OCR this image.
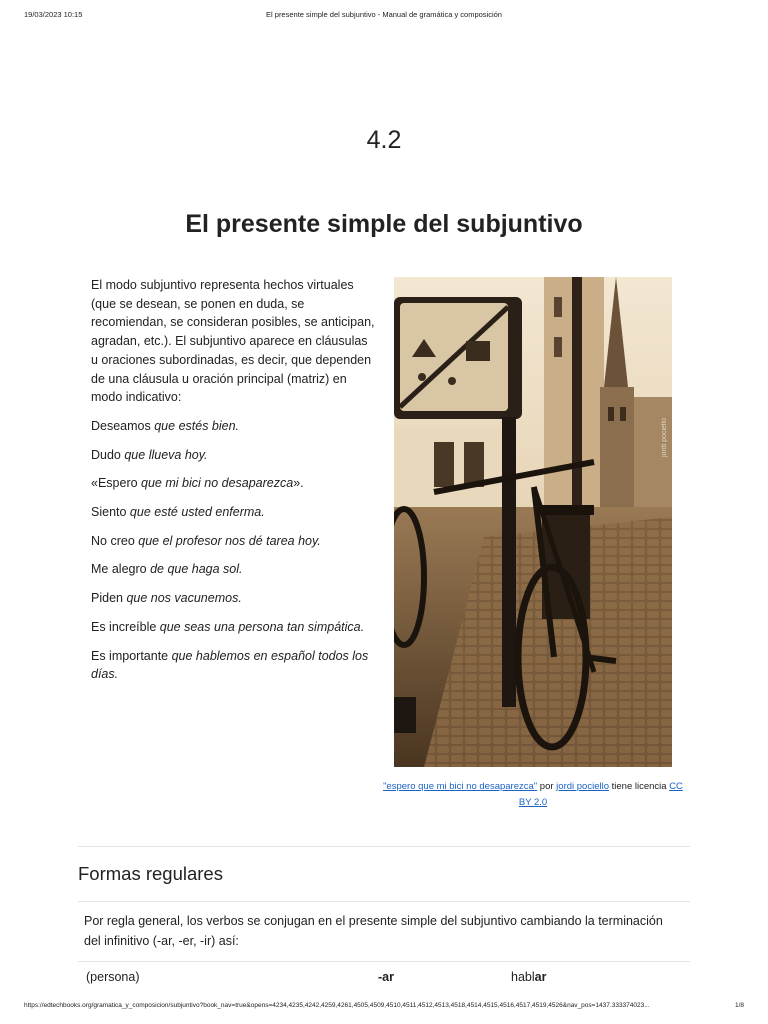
19/03/2023 10:15	El presente simple del subjuntivo - Manual de gramática y composición
4.2
El presente simple del subjuntivo

El modo subjuntivo representa hechos virtuales (que se desean, se ponen en duda, se recomiendan, se consideran posibles, se anticipan, agradan, etc.). El subjuntivo aparece en cláusulas u oraciones subordinadas, es decir, que dependen de una cláusula u oración principal (matriz) en modo indicativo:

Deseamos que estés bien.

Dudo que llueva hoy.

«Espero que mi bici no desaparezca».

Siento que esté usted enferma.

No creo que el profesor nos dé tarea hoy.

Me alegro de que haga sol.

Piden que nos vacunemos.

Es increíble que seas una persona tan simpática.

Es importante que hablemos en español todos los días.

jordi pociello
"espero que mi bici no desaparezca" por jordi pociello tiene licencia CC BY 2.0
Formas regulares
Por regla general, los verbos se conjugan en el presente simple del subjuntivo cambiando la terminación del infinitivo (-ar, -er, -ir) así:
(persona)	-ar	hablar
https://edtechbooks.org/gramatica_y_composicion/subjuntivo?book_nav=true&opens=4234,4235,4242,4259,4261,4505,4509,4510,4511,4512,4513,4518,4514,4515,4516,4517,4519,4526&nav_pos=1437.333374023...	1/8
